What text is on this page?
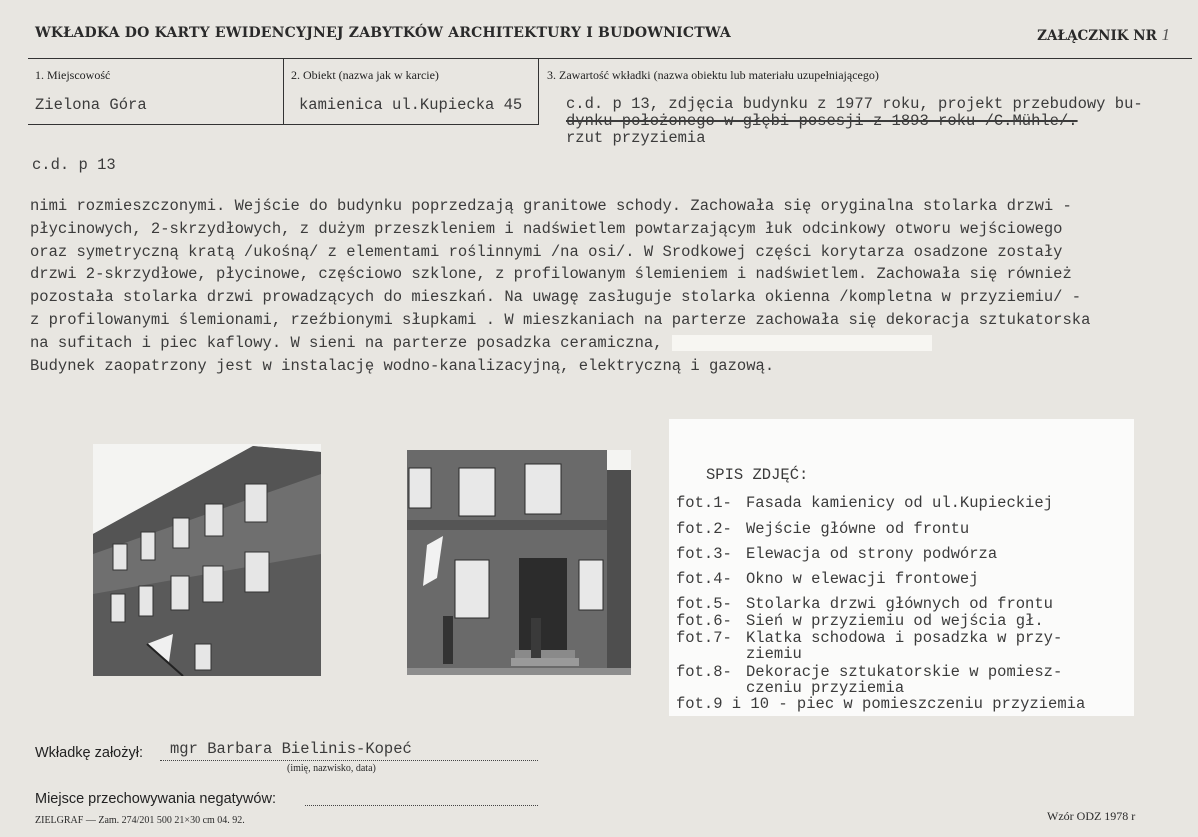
WKŁADKA DO KARTY EWIDENCYJNEJ ZABYTKÓW ARCHITEKTURY I BUDOWNICTWA	ZAŁĄCZNIK NR 1
1. Miejscowość	2. Obiekt (nazwa jak w karcie)	3. Zawartość wkładki (nazwa obiektu lub materiału uzupełniającego)
Zielona Góra	kamienica ul.Kupiecka 45	c.d. p 13, zdjęcia budynku z 1977 roku, projekt przebudowy bu-
dynku położonego w głębi posesji z 1893 roku /C.Mühle/.
rzut przyziemia
c.d. p 13

nimi rozmieszczonymi. Wejście do budynku poprzedzają granitowe schody. Zachowała się oryginalna stolarka drzwi -

płycinowych, 2-skrzydłowych, z dużym przeszkleniem i nadświetlem powtarzającym łuk odcinkowy otworu wejściowego

oraz symetryczną kratą /ukośną/ z elementami roślinnymi /na osi/. W Srodkowej części korytarza osadzone zostały

drzwi 2-skrzydłowe, płycinowe, częściowo szklone, z profilowanym ślemieniem i nadświetlem. Zachowała się również

pozostała stolarka drzwi prowadzących do mieszkań. Na uwagę zasługuje stolarka okienna /kompletna w przyziemiu/ -

z profilowanymi ślemionami, rzeźbionymi słupkami . W mieszkaniach na parterze zachowała się dekoracja sztukatorska

na sufitach i piec kaflowy. W sieni na parterze posadzka ceramiczna,

Budynek zaopatrzony jest w instalację wodno-kanalizacyjną, elektryczną i gazową.

SPIS ZDJĘĆ:
fot.1- Fasada kamienicy od ul.Kupieckiej
fot.2- Wejście główne od frontu
fot.3- Elewacja od strony podwórza
fot.4- Okno w elewacji frontowej
fot.5- Stolarka drzwi głównych od frontu
fot.6- Sień w przyziemiu od wejścia gł.
fot.7- Klatka schodowa i posadzka w przy-
ziemiu
fot.8- Dekoracje sztukatorskie w pomiesz-
czeniu przyziemia
fot.9 i 10 - piec w pomieszczeniu przyziemia
Wkładkę założył: mgr Barbara Bielinis-Kopeć
(imię, nazwisko, data)
Miejsce przechowywania negatywów:
ZIELGRAF — Zam. 274/201 500 21×30 cm 04. 92.	Wzór ODZ 1978 r
